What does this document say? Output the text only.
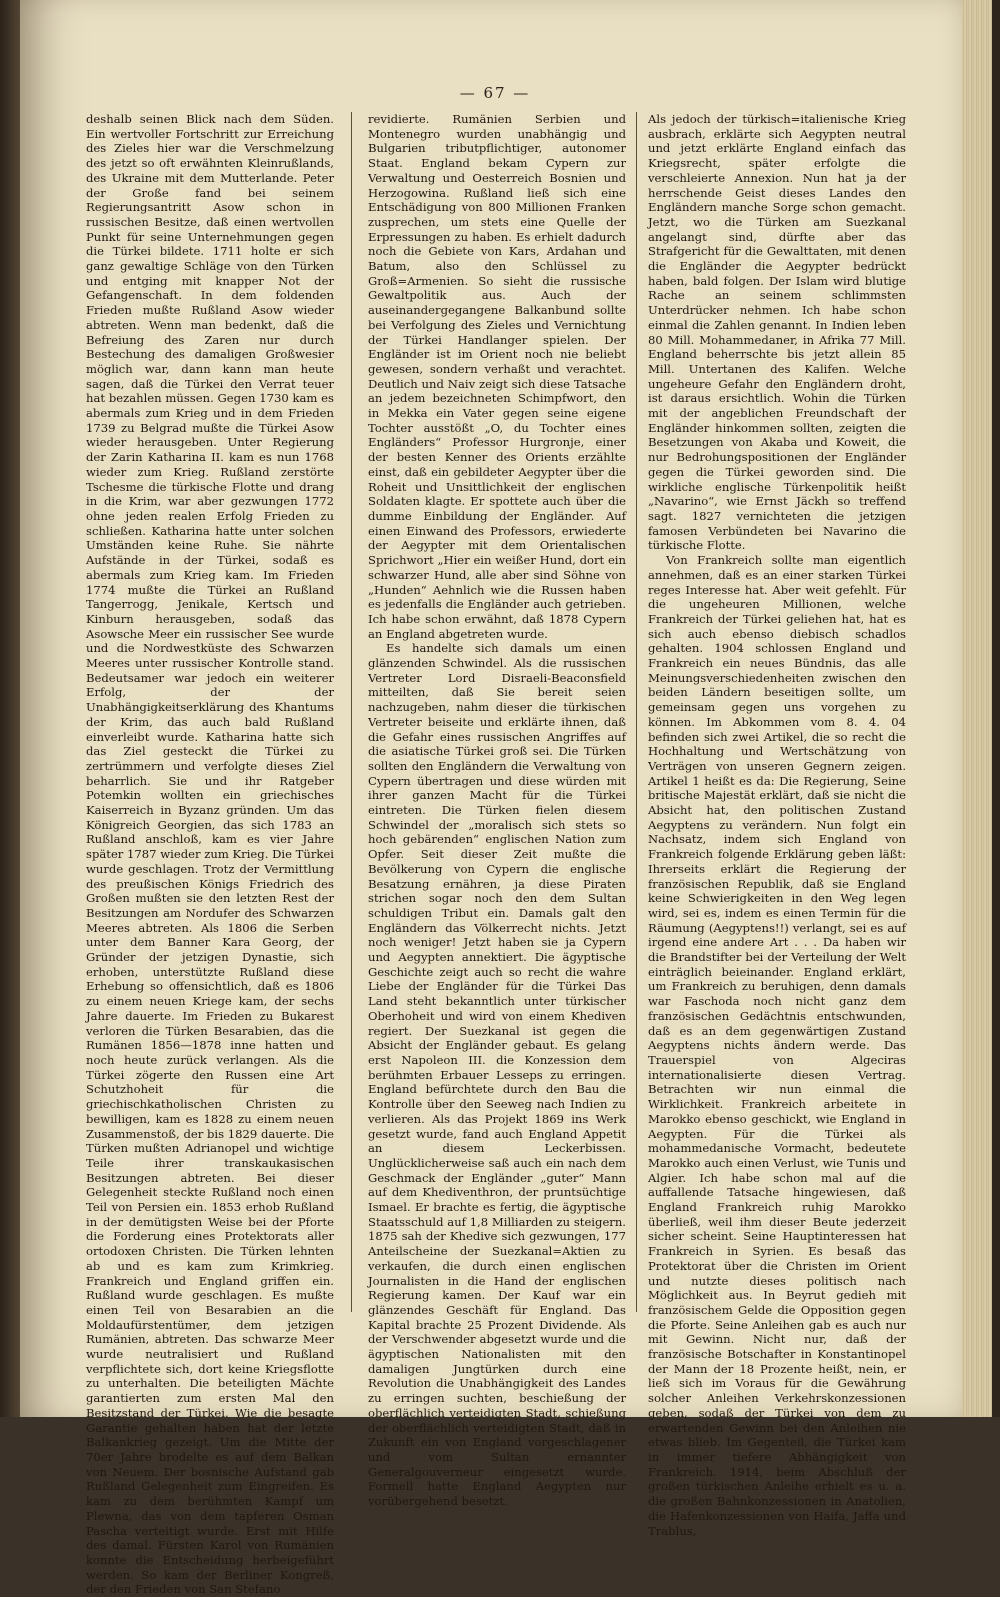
— 67 —

deshalb seinen Blick nach dem Süden. Ein wertvoller Fortschritt zur Erreichung des Zieles hier war die Verschmelzung des jetzt so oft erwähnten Kleinrußlands, des Ukraine mit dem Mutterlande. Peter der Große fand bei seinem Regierungsantritt Asow schon in russischen Besitze, daß einen wertvollen Punkt für seine Unternehmungen gegen die Türkei bildete. 1711 holte er sich ganz gewaltige Schläge von den Türken und entging mit knapper Not der Gefangenschaft. In dem foldenden Frieden mußte Rußland Asow wieder abtreten. Wenn man bedenkt, daß die Befreiung des Zaren nur durch Bestechung des damaligen Großwesier möglich war, dann kann man heute sagen, daß die Türkei den Verrat teuer hat bezahlen müssen. Gegen 1730 kam es abermals zum Krieg und in dem Frieden 1739 zu Belgrad mußte die Türkei Asow wieder herausgeben. Unter Regierung der Zarin Katharina II. kam es nun 1768 wieder zum Krieg. Rußland zerstörte Tschesme die türkische Flotte und drang in die Krim, war aber gezwungen 1772 ohne jeden realen Erfolg Frieden zu schließen. Katharina hatte unter solchen Umständen keine Ruhe. Sie nährte Aufstände in der Türkei, sodaß es abermals zum Krieg kam. Im Frieden 1774 mußte die Türkei an Rußland Tangerrogg, Jenikale, Kertsch und Kinburn herausgeben, sodaß das Asowsche Meer ein russischer See wurde und die Nordwestküste des Schwarzen Meeres unter russischer Kontrolle stand. Bedeutsamer war jedoch ein weiterer Erfolg, der der Unabhängigkeitserklärung des Khantums der Krim, das auch bald Rußland einverleibt wurde. Katharina hatte sich das Ziel gesteckt die Türkei zu zertrümmern und verfolgte dieses Ziel beharrlich. Sie und ihr Ratgeber Potemkin wollten ein griechisches Kaiserreich in Byzanz gründen. Um das Königreich Georgien, das sich 1783 an Rußland anschloß, kam es vier Jahre später 1787 wieder zum Krieg. Die Türkei wurde geschlagen. Trotz der Vermittlung des preußischen Königs Friedrich des Großen mußten sie den letzten Rest der Besitzungen am Nordufer des Schwarzen Meeres abtreten. Als 1806 die Serben unter dem Banner Kara Georg, der Gründer der jetzigen Dynastie, sich erhoben, unterstützte Rußland diese Erhebung so offensichtlich, daß es 1806 zu einem neuen Kriege kam, der sechs Jahre dauerte. Im Frieden zu Bukarest verloren die Türken Besarabien, das die Rumänen 1856—1878 inne hatten und noch heute zurück verlangen. Als die Türkei zögerte den Russen eine Art Schutzhoheit für die griechischkatholischen Christen zu bewilligen, kam es 1828 zu einem neuen Zusammenstoß, der bis 1829 dauerte. Die Türken mußten Adrianopel und wichtige Teile ihrer transkaukasischen Besitzungen abtreten. Bei dieser Gelegenheit steckte Rußland noch einen Teil von Persien ein. 1853 erhob Rußland in der demütigsten Weise bei der Pforte die Forderung eines Protektorats aller ortodoxen Christen. Die Türken lehnten ab und es kam zum Krimkrieg. Frankreich und England griffen ein. Rußland wurde geschlagen. Es mußte einen Teil von Besarabien an die Moldaufürstentümer, dem jetzigen Rumänien, abtreten. Das schwarze Meer wurde neutralisiert und Rußland verpflichtete sich, dort keine Kriegsflotte zu unterhalten. Die beteiligten Mächte garantierten zum ersten Mal den Besitzstand der Türkei. Wie die besagte Garantie gehalten haben hat der letzte Balkankrieg gezeigt. Um die Mitte der 70er Jahre brodelte es auf dem Balkan von Neuem. Der bosnische Aufstand gab Rußland Gelegenheit zum Eingreifen. Es kam zu dem berühmten Kampf um Plewna, das von dem tapferen Osman Pascha verteitigt wurde. Erst mit Hilfe des damal. Fürsten Karol von Rumänien konnte die Entscheidung herbeigeführt werden. So kam der Berliner Kongreß, der den Frieden von San Stefano

revidierte. Rumänien Serbien und Montenegro wurden unabhängig und Bulgarien tributpflichtiger, autonomer Staat. England bekam Cypern zur Verwaltung und Oesterreich Bosnien und Herzogowina. Rußland ließ sich eine Entschädigung von 800 Millionen Franken zusprechen, um stets eine Quelle der Erpressungen zu haben. Es erhielt dadurch noch die Gebiete von Kars, Ardahan und Batum, also den Schlüssel zu Groß=Armenien. So sieht die russische Gewaltpolitik aus. Auch der auseinandergegangene Balkanbund sollte bei Verfolgung des Zieles und Vernichtung der Türkei Handlanger spielen. Der Engländer ist im Orient noch nie beliebt gewesen, sondern verhaßt und verachtet. Deutlich und Naiv zeigt sich diese Tatsache an jedem bezeichneten Schimpfwort, den in Mekka ein Vater gegen seine eigene Tochter ausstößt „O, du Tochter eines Engländers“ Professor Hurgronje, einer der besten Kenner des Orients erzählte einst, daß ein gebildeter Aegypter über die Roheit und Unsittlichkeit der englischen Soldaten klagte. Er spottete auch über die dumme Einbildung der Engländer. Auf einen Einwand des Professors, erwiederte der Aegypter mit dem Orientalischen Sprichwort „Hier ein weißer Hund, dort ein schwarzer Hund, alle aber sind Söhne von „Hunden“ Aehnlich wie die Russen haben es jedenfalls die Engländer auch getrieben. Ich habe schon erwähnt, daß 1878 Cypern an England abgetreten wurde.

Es handelte sich damals um einen glänzenden Schwindel. Als die russischen Vertreter Lord Disraeli-Beaconsfield mitteilten, daß Sie bereit seien nachzugeben, nahm dieser die türkischen Vertreter beiseite und erklärte ihnen, daß die Gefahr eines russischen Angriffes auf die asiatische Türkei groß sei. Die Türken sollten den Engländern die Verwaltung von Cypern übertragen und diese würden mit ihrer ganzen Macht für die Türkei eintreten. Die Türken fielen diesem Schwindel der „moralisch sich stets so hoch gebärenden“ englischen Nation zum Opfer. Seit dieser Zeit mußte die Bevölkerung von Cypern die englische Besatzung ernähren, ja diese Piraten strichen sogar noch den dem Sultan schuldigen Tribut ein. Damals galt den Engländern das Völkerrecht nichts. Jetzt noch weniger! Jetzt haben sie ja Cypern und Aegypten annektiert. Die ägyptische Geschichte zeigt auch so recht die wahre Liebe der Engländer für die Türkei Das Land steht bekanntlich unter türkischer Oberhoheit und wird von einem Khediven regiert. Der Suezkanal ist gegen die Absicht der Engländer gebaut. Es gelang erst Napoleon III. die Konzession dem berühmten Erbauer Lesseps zu erringen. England befürchtete durch den Bau die Kontrolle über den Seeweg nach Indien zu verlieren. Als das Projekt 1869 ins Werk gesetzt wurde, fand auch England Appetit an diesem Leckerbissen. Unglücklicherweise saß auch ein nach dem Geschmack der Engländer „guter“ Mann auf dem Khediventhron, der pruntsüchtige Ismael. Er brachte es fertig, die ägyptische Staatsschuld auf 1,8 Milliarden zu steigern. 1875 sah der Khedive sich gezwungen, 177 Anteilscheine der Suezkanal=Aktien zu verkaufen, die durch einen englischen Journalisten in die Hand der englischen Regierung kamen. Der Kauf war ein glänzendes Geschäft für England. Das Kapital brachte 25 Prozent Dividende. Als der Verschwender abgesetzt wurde und die ägyptischen Nationalisten mit den damaligen Jungtürken durch eine Revolution die Unabhängigkeit des Landes zu erringen suchten, beschießung der oberflächlich verteidigten Stadt, schießung der oberflächlich verteidigten Stadt, daß in Zukunft ein von England vorgeschlagener und vom Sultan ernannter Generalgouverneur eingesetzt wurde. Formell hatte England Aegypten nur vorübergehend besetzt.

Als jedoch der türkisch=italienische Krieg ausbrach, erklärte sich Aegypten neutral und jetzt erklärte England einfach das Kriegsrecht, später erfolgte die verschleierte Annexion. Nun hat ja der herrschende Geist dieses Landes den Engländern manche Sorge schon gemacht. Jetzt, wo die Türken am Suezkanal angelangt sind, dürfte aber das Strafgericht für die Gewalttaten, mit denen die Engländer die Aegypter bedrückt haben, bald folgen. Der Islam wird blutige Rache an seinem schlimmsten Unterdrücker nehmen. Ich habe schon einmal die Zahlen genannt. In Indien leben 80 Mill. Mohammedaner, in Afrika 77 Mill. England beherrschte bis jetzt allein 85 Mill. Untertanen des Kalifen. Welche ungeheure Gefahr den Engländern droht, ist daraus ersichtlich. Wohin die Türken mit der angeblichen Freundschaft der Engländer hinkommen sollten, zeigten die Besetzungen von Akaba und Koweit, die nur Bedrohungspositionen der Engländer gegen die Türkei geworden sind. Die wirkliche englische Türkenpolitik heißt „Navarino“, wie Ernst Jäckh so treffend sagt. 1827 vernichteten die jetzigen famosen Verbündeten bei Navarino die türkische Flotte.

Von Frankreich sollte man eigentlich annehmen, daß es an einer starken Türkei reges Interesse hat. Aber weit gefehlt. Für die ungeheuren Millionen, welche Frankreich der Türkei geliehen hat, hat es sich auch ebenso diebisch schadlos gehalten. 1904 schlossen England und Frankreich ein neues Bündnis, das alle Meinungsverschiedenheiten zwischen den beiden Ländern beseitigen sollte, um gemeinsam gegen uns vorgehen zu können. Im Abkommen vom 8. 4. 04 befinden sich zwei Artikel, die so recht die Hochhaltung und Wertschätzung von Verträgen von unseren Gegnern zeigen. Artikel 1 heißt es da: Die Regierung, Seine britische Majestät erklärt, daß sie nicht die Absicht hat, den politischen Zustand Aegyptens zu verändern. Nun folgt ein Nachsatz, indem sich England von Frankreich folgende Erklärung geben läßt: Ihrerseits erklärt die Regierung der französischen Republik, daß sie England keine Schwierigkeiten in den Weg legen wird, sei es, indem es einen Termin für die Räumung (Aegyptens!!) verlangt, sei es auf irgend eine andere Art . . . Da haben wir die Brandstifter bei der Verteilung der Welt einträglich beieinander. England erklärt, um Frankreich zu beruhigen, denn damals war Faschoda noch nicht ganz dem französischen Gedächtnis entschwunden, daß es an dem gegenwärtigen Zustand Aegyptens nichts ändern werde. Das Trauerspiel von Algeciras internationalisierte diesen Vertrag. Betrachten wir nun einmal die Wirklichkeit. Frankreich arbeitete in Marokko ebenso geschickt, wie England in Aegypten. Für die Türkei als mohammedanische Vormacht, bedeutete Marokko auch einen Verlust, wie Tunis und Algier. Ich habe schon mal auf die auffallende Tatsache hingewiesen, daß England Frankreich ruhig Marokko überließ, weil ihm dieser Beute jederzeit sicher scheint. Seine Hauptinteressen hat Frankreich in Syrien. Es besaß das Protektorat über die Christen im Orient und nutzte dieses politisch nach Möglichkeit aus. In Beyrut gedieh mit französischem Gelde die Opposition gegen die Pforte. Seine Anleihen gab es auch nur mit Gewinn. Nicht nur, daß der französische Botschafter in Konstantinopel der Mann der 18 Prozente heißt, nein, er ließ sich im Voraus für die Gewährung solcher Anleihen Verkehrskonzessionen geben, sodaß der Türkei von dem zu erwartenden Gewinn bei den Anleihen nie etwas blieb. Im Gegenteil, die Türkei kam in immer tiefere Abhängigkeit von Frankreich. 1914, beim Abschluß der großen türkischen Anleihe erhielt es u. a. die großen Bahnkonzessionen in Anatolien, die Hafenkonzessionen von Haifa, Jaffa und Trablus,
